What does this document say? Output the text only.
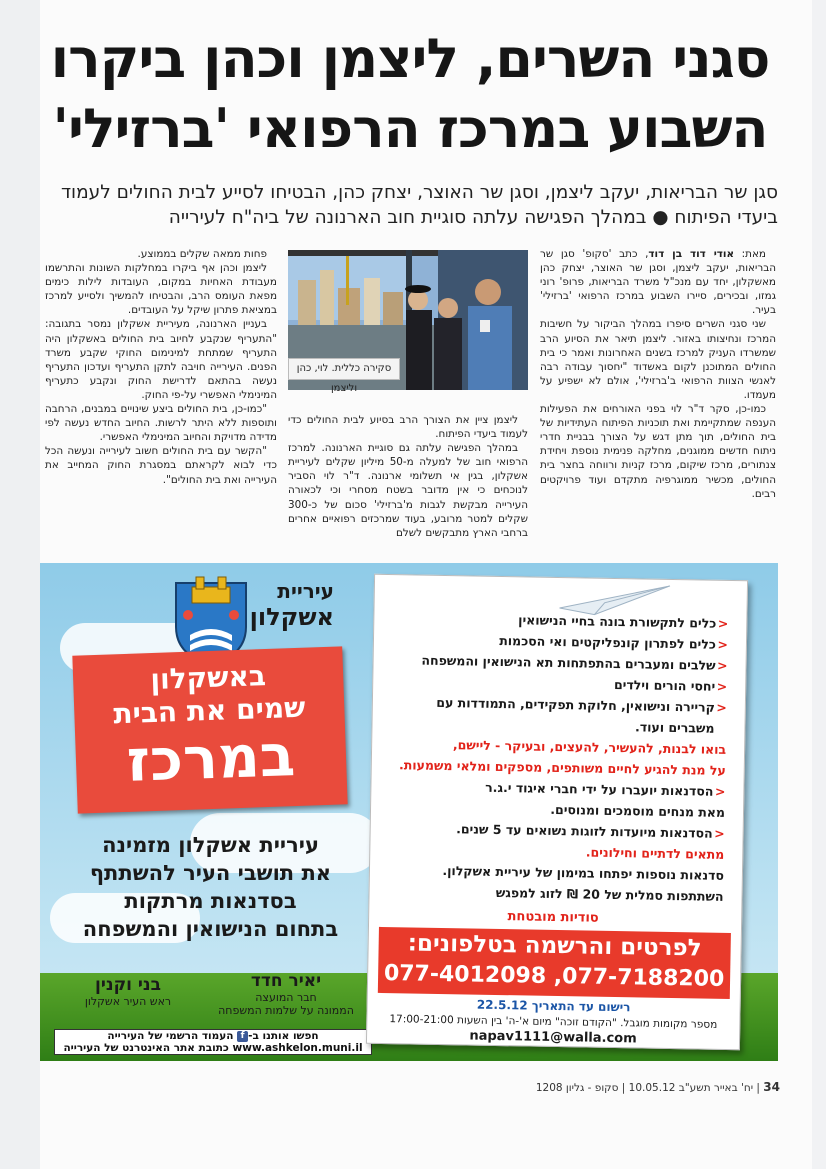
סגני השרים, ליצמן וכהן ביקרו
השבוע במרכז הרפואי 'ברזילי'
סגן שר הבריאות, יעקב ליצמן, וסגן שר האוצר, יצחק כהן, הבטיחו לסייע לבית החולים לעמוד ביעדי הפיתוח ● במהלך הפגישה עלתה סוגיית חוב הארנונה של ביה"ח לעירייה

מאת: אודי דוד בן דוד, כתב 'סקופ' סגן שר הבריאות, יעקב ליצמן, וסגן שר האוצר, יצחק כהן מאשקלון, יחד עם מנכ"ל משרד הבריאות, פרופ' רוני גמזו, ובכירים, סיירו השבוע במרכז הרפואי 'ברזילי' בעיר.

שני סגני השרים סיפרו במהלך הביקור על חשיבות המרכז ונחיצותו באזור. ליצמן תיאר את הסיוע הרב שמשרדו העניק למרכז בשנים האחרונות ואמר כי בית החולים המתוכנן לקום באשדוד "יחסוך עבודה רבה לאנשי הצוות הרפואי ב'ברזילי', אולם לא ישפיע על מעמדו.

כמו-כן, סקר ד"ר לוי בפני האורחים את הפעילות הענפה שמתקיימת ואת תוכניות הפיתוח העתידיות של בית החולים, תוך מתן דגש על הצורך בבניית חדרי ניתוח חדשים ממוגנים, מחלקה פנימית נוספת ויחידת צנתורים, מרכז שיקום, מרכז קניות ורווחה בחצר בית החולים, מכשיר ממוגרפיה מתקדם ועוד פרויקטים רבים.

סקירה כללית. לוי, כהן וליצמן

ליצמן ציין את הצורך הרב בסיוע לבית החולים כדי לעמוד ביעדי הפיתוח.

במהלך הפגישה עלתה גם סוגיית הארנונה. למרכז הרפואי חוב של למעלה מ-50 מיליון שקלים לעיריית אשקלון, בגין אי תשלומי ארנונה. ד"ר לוי הסביר לנוכחים כי אין מדובר בשטח מסחרי וכי לכאורה העירייה מבקשת לגבות מ'ברזילי' סכום של כ-300 שקלים למטר מרובע, בעוד שמרכזים רפואיים אחרים ברחבי הארץ מתבקשים לשלם

פחות ממאה שקלים בממוצע.

ליצמן וכהן אף ביקרו במחלקות השונות והתרשמו מעבודת האחיות במקום, העובדות לילות כימים מפאת העומס הרב, והבטיחו להמשיך ולסייע למרכז במציאת פתרון שיקל על העובדים.

בעניין הארנונה, מעיריית אשקלון נמסר בתגובה: "התעריף שנקבע לחיוב בית החולים באשקלון היה התעריף שמתחת למינימום החוקי שקבע משרד הפנים. העירייה חויבה לתקן התעריף ועדכון התעריף נעשה בהתאם לדרישת החוק ונקבע כתעריף המינימלי האפשרי על-פי החוק.

"כמו-כן, בית החולים ביצע שינויים במבנים, הרחבה ותוספות ללא היתר לרשות. החיוב החדש נעשה לפי מדידה מדויקת והחיוב המינימלי האפשרי.

"הקשר עם בית החולים חשוב לעירייה ונעשה הכל כדי לבוא לקראתם במסגרת החוק המחייב את העירייה ואת בית החולים".

עיריית
אשקלון
באשקלון
שמים את הבית
במרכז
עיריית אשקלון מזמינה
את תושבי העיר להשתתף
בסדנאות מרתקות
בתחום הנישואין והמשפחה
בני וקנין
ראש העיר אשקלון
יאיר חדד
חבר המועצה
הממונה על שלמות המשפחה
חפשו אותנו ב-f העמוד הרשמי של העירייה
www.ashkelon.muni.il כתובת אתר האינטרנט של העירייה
< כלים לתקשורת בונה בחיי הנישואין
< כלים לפתרון קונפליקטים ואי הסכמות
< שלבים ומעברים בהתפתחות תא הנישואין והמשפחה
< יחסי הורים וילדים
< קריירה ונישואין, חלוקת תפקידים, התמודדות עם משברים ועוד.
בואו לבנות, להעשיר, להעצים, ובעיקר - ליישם,
על מנת להגיע לחיים משותפים, מספקים ומלאי משמעות.
< הסדנאות יועברו על ידי חברי איגוד י.ג.ר
מאת מנחים מוסמכים ומנוסים.
< הסדנאות מיועדות לזוגות נשואים עד 5 שנים.
מתאים לדתיים וחילונים.
סדנאות נוספות יפתחו במימון של עיריית אשקלון.
השתתפות סמלית של 20 ₪ לזוג למפגש
סודיות מובטחת
לפרטים והרשמה בטלפונים:
077-4012098 ,077-7188200
רישום עד התאריך 22.5.12
מספר מקומות מוגבל. "הקודם זוכה" מיום א'-ה' בין השעות 17:00-21:00
napav1111@walla.com
34 | יח' באייר תשע"ב 10.05.12 | סקופ - גליון 1208
